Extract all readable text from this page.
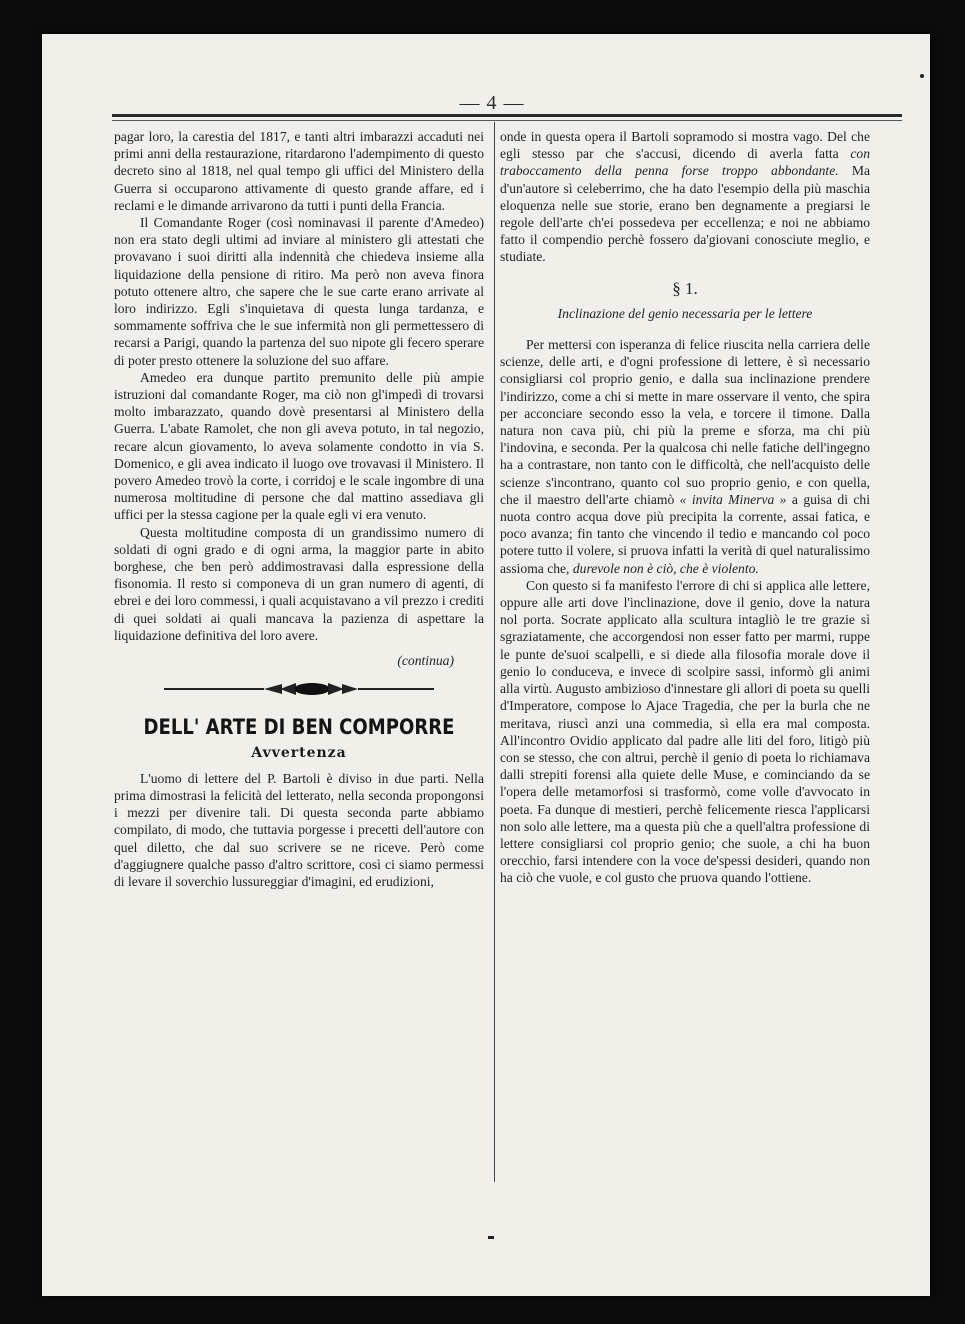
— 4 —

pagar loro, la carestia del 1817, e tanti altri imbarazzi accaduti nei primi anni della restaurazione, ritardarono l'adempimento di questo decreto sino al 1818, nel qual tempo gli uffici del Ministero della Guerra si occuparono attivamente di questo grande affare, ed i reclami e le dimande arrivarono da tutti i punti della Francia.

Il Comandante Roger (così nominavasi il parente d'Amedeo) non era stato degli ultimi ad inviare al ministero gli attestati che provavano i suoi diritti alla indennità che chiedeva insieme alla liquidazione della pensione di ritiro. Ma però non aveva finora potuto ottenere altro, che sapere che le sue carte erano arrivate al loro indirizzo. Egli s'inquietava di questa lunga tardanza, e sommamente soffriva che le sue infermità non gli permettessero di recarsi a Parigi, quando la partenza del suo nipote gli fecero sperare di poter presto ottenere la soluzione del suo affare.

Amedeo era dunque partito premunito delle più ampie istruzioni dal comandante Roger, ma ciò non gl'impedì di trovarsi molto imbarazzato, quando dovè presentarsi al Ministero della Guerra. L'abate Ramolet, che non gli aveva potuto, in tal negozio, recare alcun giovamento, lo aveva solamente condotto in via S. Domenico, e gli avea indicato il luogo ove trovavasi il Ministero. Il povero Amedeo trovò la corte, i corridoj e le scale ingombre di una numerosa moltitudine di persone che dal mattino assediava gli uffici per la stessa cagione per la quale egli vi era venuto.

Questa moltitudine composta di un grandissimo numero di soldati di ogni grado e di ogni arma, la maggior parte in abito borghese, che ben però addimostravasi dalla espressione della fisonomia. Il resto si componeva di un gran numero di agenti, di ebrei e dei loro commessi, i quali acquistavano a vil prezzo i crediti di quei soldati ai quali mancava la pazienza di aspettare la liquidazione definitiva del loro avere.

(continua)

DELL' ARTE DI BEN COMPORRE
Avvertenza

L'uomo di lettere del P. Bartoli è diviso in due parti. Nella prima dimostrasi la felicità del letterato, nella seconda propongonsi i mezzi per divenire tali. Di questa seconda parte abbiamo compilato, di modo, che tuttavia porgesse i precetti dell'autore con quel diletto, che dal suo scrivere se ne riceve. Però come d'aggiugnere qualche passo d'altro scrittore, così ci siamo permessi di levare il soverchio lussureggiar d'imagini, ed erudizioni,

onde in questa opera il Bartoli sopramodo si mostra vago. Del che egli stesso par che s'accusi, dicendo di averla fatta con traboccamento della penna forse troppo abbondante. Ma d'un'autore sì celeberrimo, che ha dato l'esempio della più maschia eloquenza nelle sue storie, erano ben degnamente a pregiarsi le regole dell'arte ch'ei possedeva per eccellenza; e noi ne abbiamo fatto il compendio perchè fossero da'giovani conosciute meglio, e studiate.

§ 1.

Inclinazione del genio necessaria per le lettere

Per mettersi con isperanza di felice riuscita nella carriera delle scienze, delle arti, e d'ogni professione di lettere, è sì necessario consigliarsi col proprio genio, e dalla sua inclinazione prendere l'indirizzo, come a chi si mette in mare osservare il vento, che spira per acconciare secondo esso la vela, e torcere il timone. Dalla natura non cava più, chi più la preme e sforza, ma chi più l'indovina, e seconda. Per la qualcosa chi nelle fatiche dell'ingegno ha a contrastare, non tanto con le difficoltà, che nell'acquisto delle scienze s'incontrano, quanto col suo proprio genio, e con quella, che il maestro dell'arte chiamò « invita Minerva » a guisa di chi nuota contro acqua dove più precipita la corrente, assai fatica, e poco avanza; fin tanto che vincendo il tedio e mancando col poco potere tutto il volere, si pruova infatti la verità di quel naturalissimo assioma che, durevole non è ciò, che è violento.

Con questo si fa manifesto l'errore di chi si applica alle lettere, oppure alle arti dove l'inclinazione, dove il genio, dove la natura nol porta. Socrate applicato alla scultura intagliò le tre grazie sì sgraziatamente, che accorgendosi non esser fatto per marmi, ruppe le punte de'suoi scalpelli, e si diede alla filosofia morale dove il genio lo conduceva, e invece di scolpire sassi, informò gli animi alla virtù. Augusto ambizioso d'innestare gli allori di poeta su quelli d'Imperatore, compose lo Ajace Tragedia, che per la burla che ne meritava, riuscì anzi una commedia, sì ella era mal composta. All'incontro Ovidio applicato dal padre alle liti del foro, litigò più con se stesso, che con altrui, perchè il genio di poeta lo richiamava dalli strepiti forensi alla quiete delle Muse, e cominciando da se l'opera delle metamorfosi si trasformò, come volle d'avvocato in poeta. Fa dunque di mestieri, perchè felicemente riesca l'applicarsi non solo alle lettere, ma a questa più che a quell'altra professione di lettere consigliarsi col proprio genio; che suole, a chi ha buon orecchio, farsi intendere con la voce de'spessi desideri, quando non ha ciò che vuole, e col gusto che pruova quando l'ottiene.
